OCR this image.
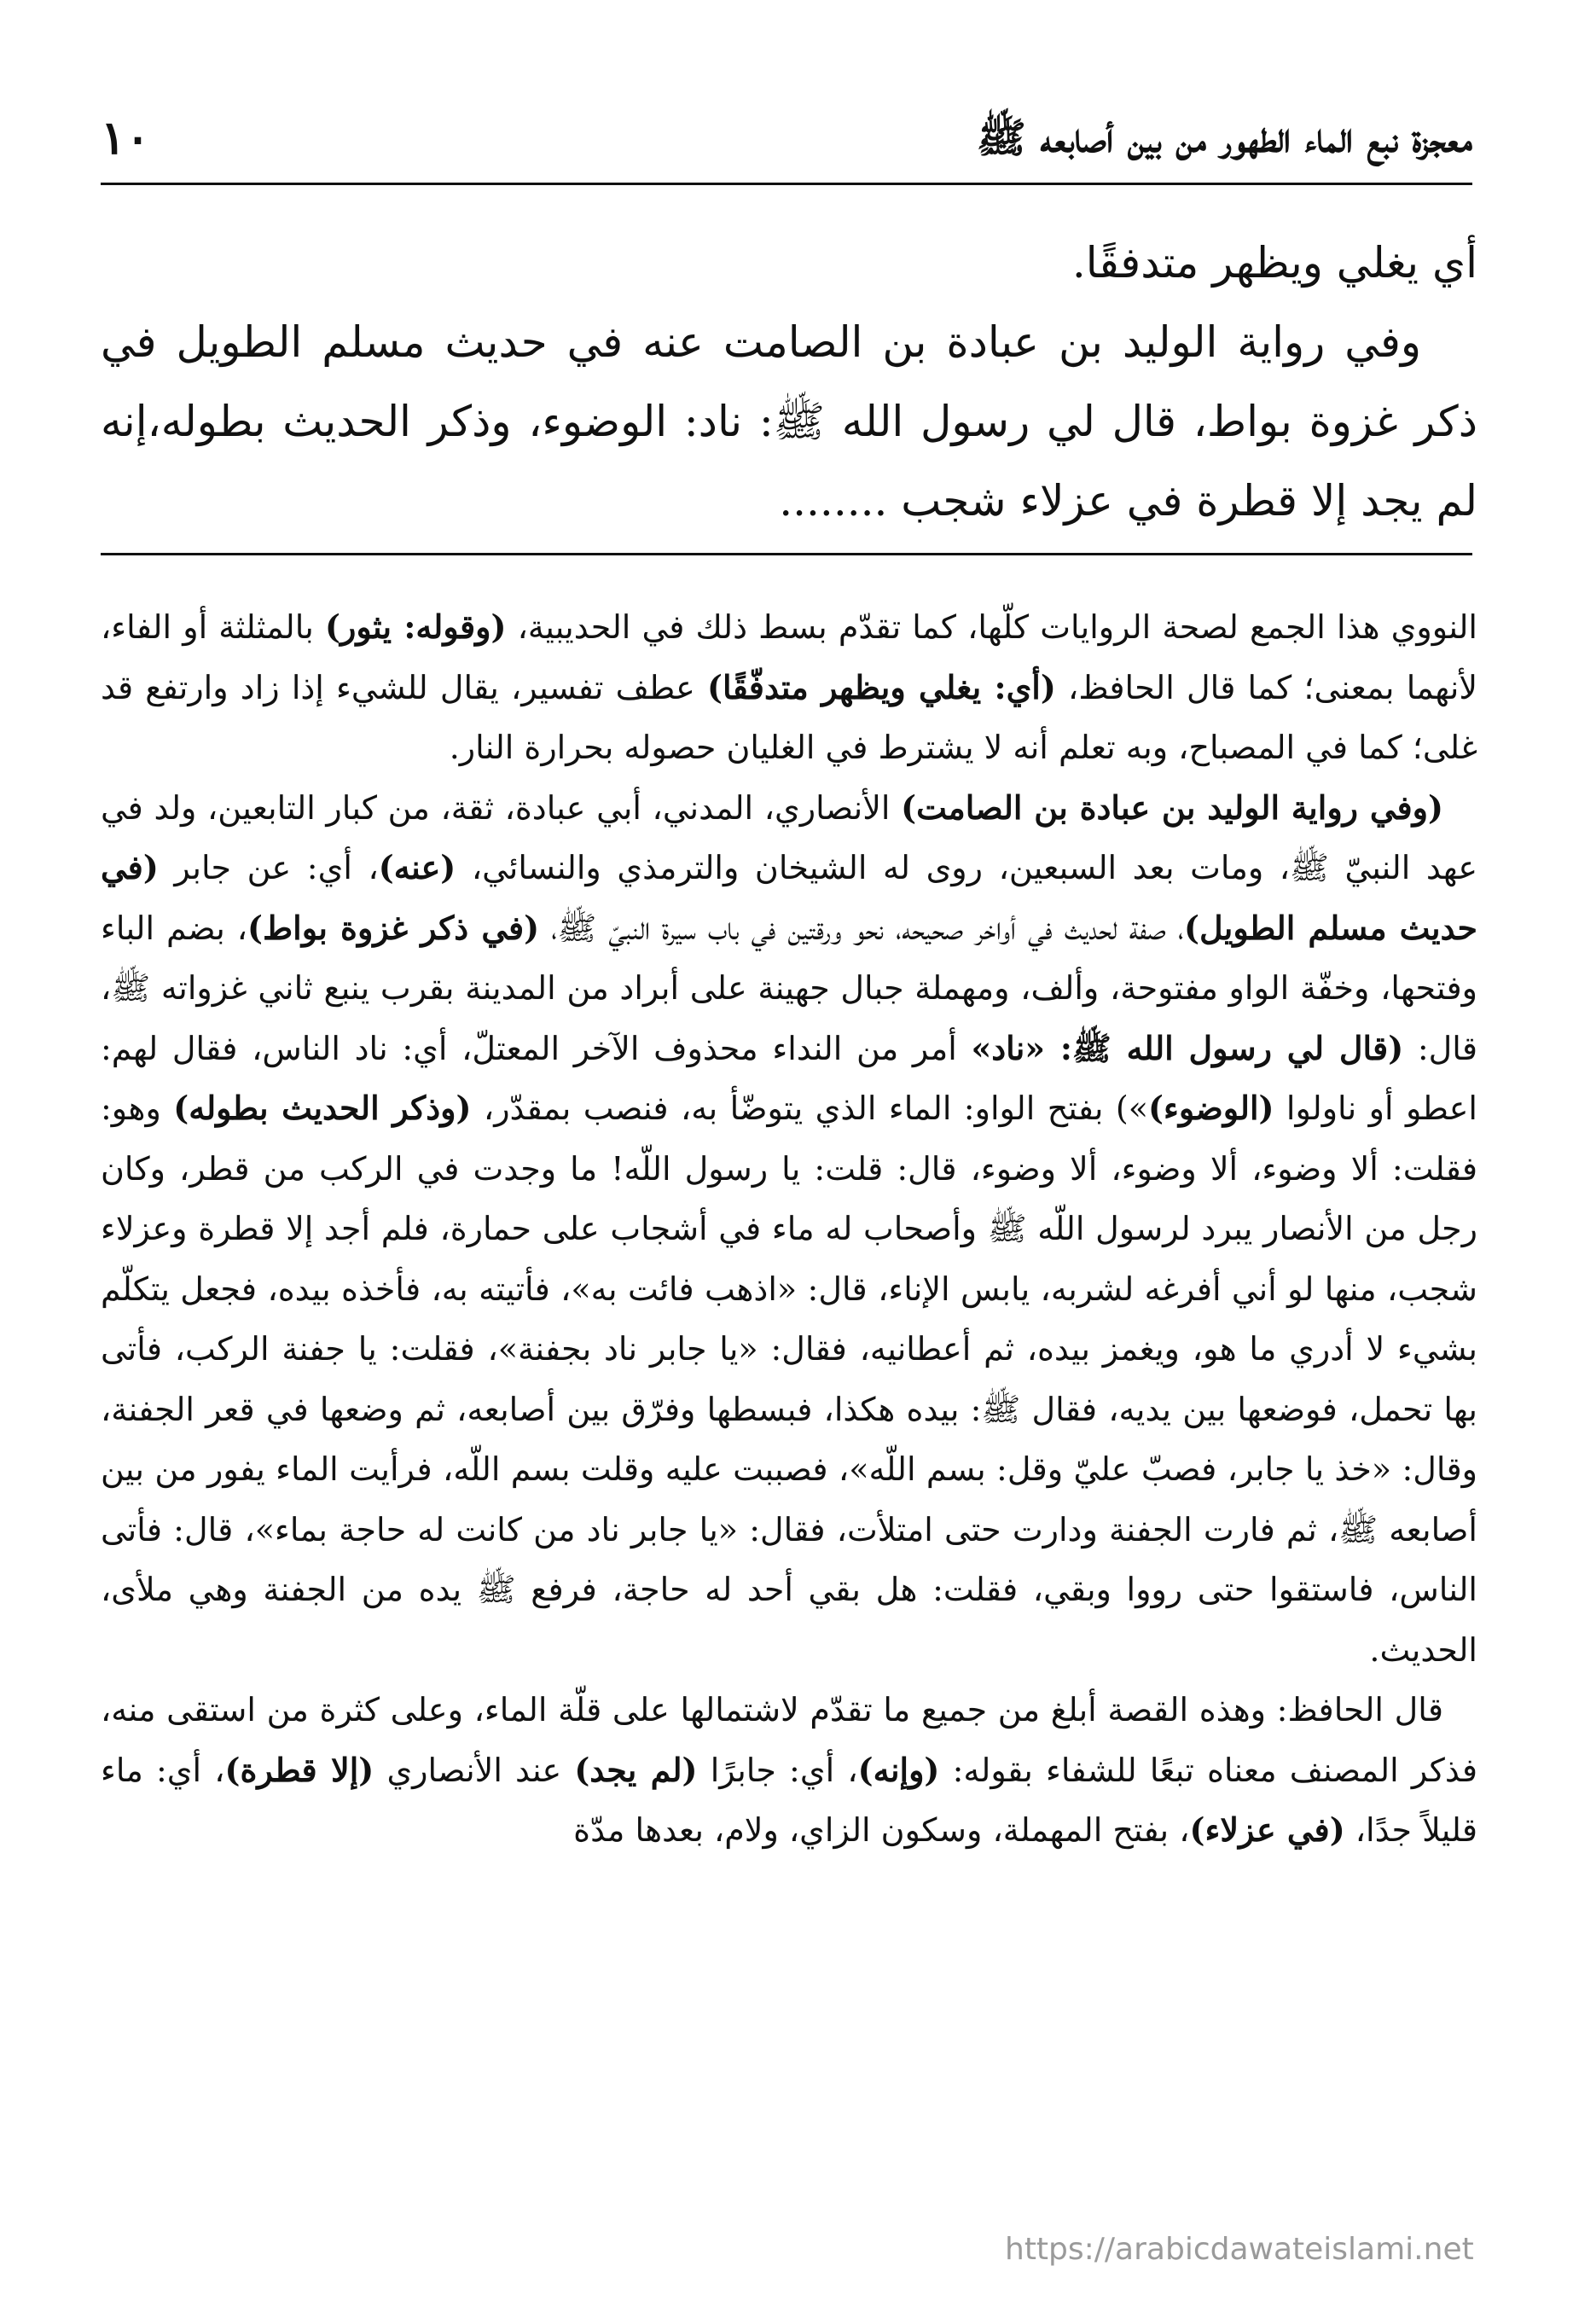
معجزة نبع الماء الطهور من بين أصابعه ﷺ
١٠

أي يغلي ويظهر متدفقًا.

وفي رواية الوليد بن عبادة بن الصامت عنه في حديث مسلم الطويل في ذكر غزوة بواط، قال لي رسول الله ﷺ: ناد: الوضوء، وذكر الحديث بطوله،إنه لم يجد إلا قطرة في عزلاء شجب ........

النووي هذا الجمع لصحة الروايات كلّها، كما تقدّم بسط ذلك في الحديبية، (وقوله: يثور) بالمثلثة أو الفاء، لأنهما بمعنى؛ كما قال الحافظ، (أي: يغلي ويظهر متدفّقًا) عطف تفسير، يقال للشيء إذا زاد وارتفع قد غلى؛ كما في المصباح، وبه تعلم أنه لا يشترط في الغليان حصوله بحرارة النار.

(وفي رواية الوليد بن عبادة بن الصامت) الأنصاري، المدني، أبي عبادة، ثقة، من كبار التابعين، ولد في عهد النبيّ ﷺ، ومات بعد السبعين، روى له الشيخان والترمذي والنسائي، (عنه)، أي: عن جابر (في حديث مسلم الطويل)، صفة لحديث في أواخر صحيحه، نحو ورقتين في باب سيرة النبيّ ﷺ، (في ذكر غزوة بواط)، بضم الباء وفتحها، وخفّة الواو مفتوحة، وألف، ومهملة جبال جهينة على أبراد من المدينة بقرب ينبع ثاني غزواته ﷺ، قال: (قال لي رسول الله ﷺ: «ناد» أمر من النداء محذوف الآخر المعتلّ، أي: ناد الناس، فقال لهم: اعطو أو ناولوا (الوضوء)») بفتح الواو: الماء الذي يتوضّأ به، فنصب بمقدّر، (وذكر الحديث بطوله) وهو: فقلت: ألا وضوء، ألا وضوء، ألا وضوء، قال: قلت: يا رسول اللّه! ما وجدت في الركب من قطر، وكان رجل من الأنصار يبرد لرسول اللّه ﷺ وأصحاب له ماء في أشجاب على حمارة، فلم أجد إلا قطرة وعزلاء شجب، منها لو أني أفرغه لشربه، يابس الإناء، قال: «اذهب فائت به»، فأتيته به، فأخذه بيده، فجعل يتكلّم بشيء لا أدري ما هو، ويغمز بيده، ثم أعطانيه، فقال: «يا جابر ناد بجفنة»، فقلت: يا جفنة الركب، فأتى بها تحمل، فوضعها بين يديه، فقال ﷺ: بيده هكذا، فبسطها وفرّق بين أصابعه، ثم وضعها في قعر الجفنة، وقال: «خذ يا جابر، فصبّ عليّ وقل: بسم اللّه»، فصببت عليه وقلت بسم اللّه، فرأيت الماء يفور من بين أصابعه ﷺ، ثم فارت الجفنة ودارت حتى امتلأت، فقال: «يا جابر ناد من كانت له حاجة بماء»، قال: فأتى الناس، فاستقوا حتى رووا وبقي، فقلت: هل بقي أحد له حاجة، فرفع ﷺ يده من الجفنة وهي ملأى، الحديث.

قال الحافظ: وهذه القصة أبلغ من جميع ما تقدّم لاشتمالها على قلّة الماء، وعلى كثرة من استقى منه، فذكر المصنف معناه تبعًا للشفاء بقوله: (وإنه)، أي: جابرًا (لم يجد) عند الأنصاري (إلا قطرة)، أي: ماء قليلاً جدًا، (في عزلاء)، بفتح المهملة، وسكون الزاي، ولام، بعدها مدّة

https://arabicdawateislami.net
